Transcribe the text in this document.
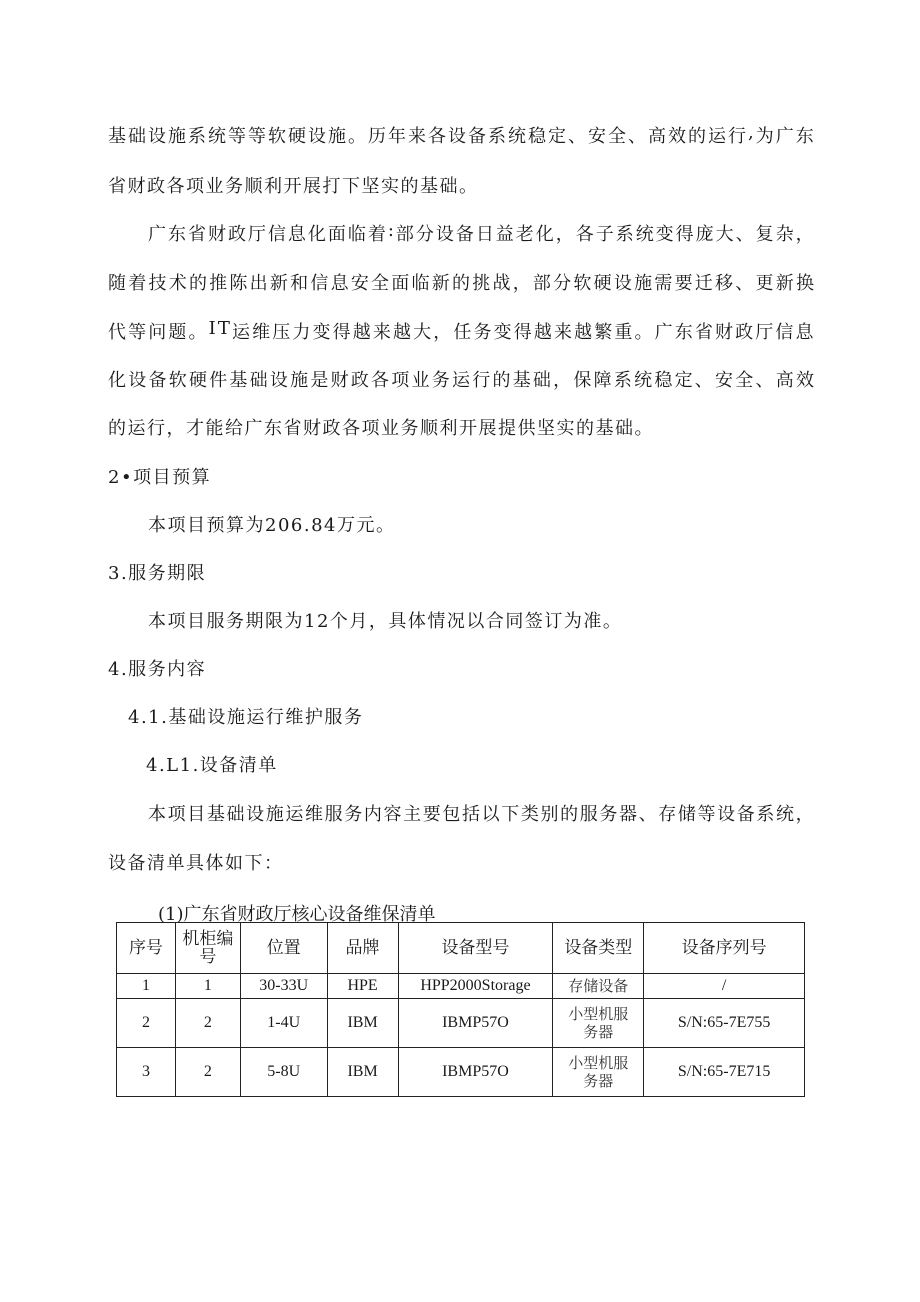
基 础 设 施 系 统 等 等 软 硬 设 施 。 历 年 来 各 设 备 系 统 稳 定 、 安 全 、 高 效 的 运 行 , 为 广 东
省财政各项业务顺利开展打下坚实的基础。
广 东 省 财 政 厅 信 息 化 面 临 着 : 部 分 设 备 日 益 老 化 ， 各 子 系 统 变 得 庞 大 、 复 杂 ，
随 着 技 术 的 推 陈 出 新 和 信 息 安 全 面 临 新 的 挑 战 ， 部 分 软 硬 设 施 需 要 迁 移 、 更 新 换
代 等 问 题 。 I T 运 维 压 力 变 得 越 来 越 大 ， 任 务 变 得 越 来 越 繁 重 。 广 东 省 财 政 厅 信 息
化 设 备 软 硬 件 基 础 设 施 是 财 政 各 项 业 务 运 行 的 基 础 ， 保 障 系 统 稳 定 、 安 全 、 高 效
的运行，才能给广东省财政各项业务顺利开展提供坚实的基础。
2•项目预算
本项目预算为206.84万元。
3.服务期限
本项目服务期限为12个月，具体情况以合同签订为准。
4.服务内容
4.1.基础设施运行维护服务
4.L1.设备清单
本 项 目 基 础 设 施 运 维 服 务 内 容 主 要 包 括 以 下 类 别 的 服 务 器 、 存 储 等 设 备 系 统 ，
设备清单具体如下：
(1)广东省财政厅核心设备维保清单
序号	机柜编号	位置	品牌	设备型号	设备类型	设备序列号
1	1	30-33U	HPE	HPP2000Storage	存储设备	/
2	2	1-4U	IBM	IBMP57O	小型机服务器	S/N:65-7E755
3	2	5-8U	IBM	IBMP57O	小型机服务器	S/N:65-7E715
